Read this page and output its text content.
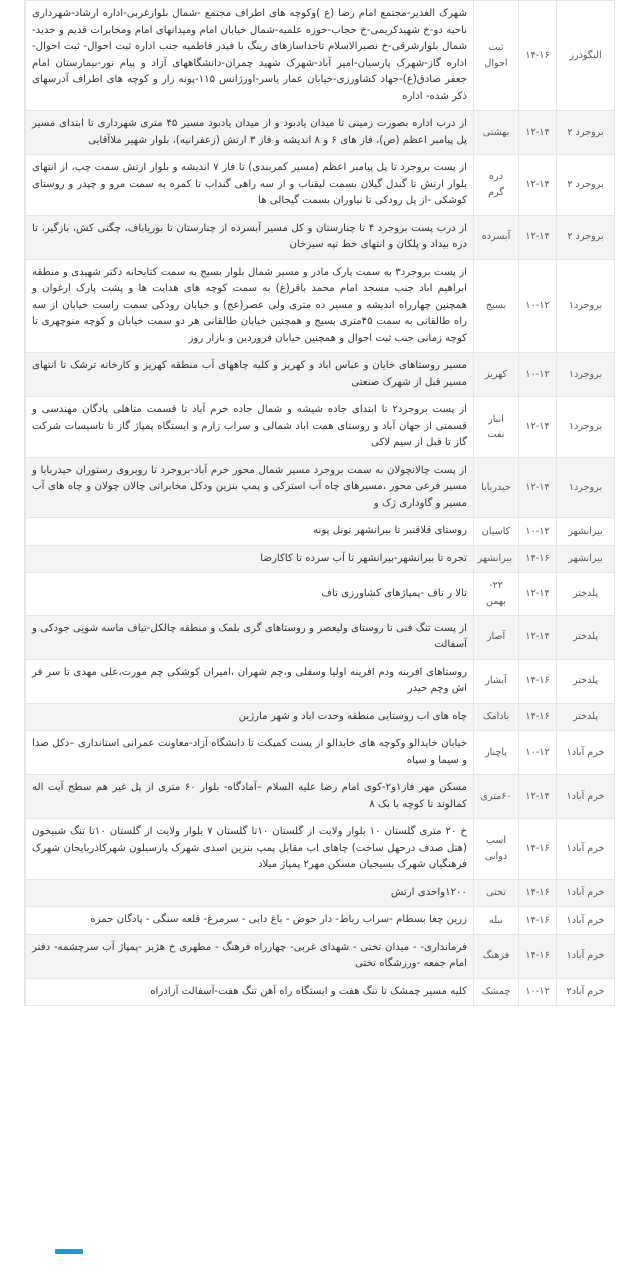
الیگودرز	۱۴-۱۶	ثبت احوال	شهرک الغدیر-مجتمع امام رضا (ع )وکوچه های اطراف مجتمع -شمال بلوارغربی-اداره ارشاد-شهرداری ناحیه دو-خ شهیدکریمی-خ حجاب-حوزه علمیه-شمال خیابان امام ومیدانهای امام ومخابرات قدیم و جدید-شمال بلوارشرقی-خ نصیرالاسلام تاجداسازهای رینگ با فیدر فاطمیه جنب اداره ثبت احوال- ثبت احوال-اداره گاز-شهرک پارسیان-امیر آباد-شهرک شهید چمران-دانشگاههای آزاد و پیام نور-بیمارستان امام جعفر صادق(ع)-جهاد کشاورزی-خیابان عمار یاسر-اورژانس ۱۱۵-پونه زار و کوچه های اطراف آدرسهای ذکر شده- اداره
بروجرد ۲	۱۲-۱۴	بهشتی	از درب اداره بصورت زمینی تا میدان یادبود و از میدان یادبود مسیر ۴۵ متری شهرداری تا ابتدای مسیر پل پیامبر اعظم (ص)، فاز های ۶ و ۸ اندیشه و فاز ۳ ارتش (زعفرانیه)، بلوار شهیر ملاآقایی
بروجرد ۲	۱۲-۱۴	دره گرم	از پست بروجرد تا پل پیامبر اعظم (مسیر کمربندی) تا فاز ۷ اندیشه و بلوار ارتش سمت چپ، از انتهای بلوار ارتش تا گندل گیلان بسمت لیقناب و از سه راهی گنداب تا کمره به سمت مرو و چپدر و روستای کوشکی -از پل رودکی تا نیاوران بسمت گیجالی ها
بروجرد ۲	۱۲-۱۴	آبسرده	از درب پست بروجرد ۴ تا چنارستان و کل مسیر آبسرده از چنارستان تا بوریاباف، چگنی کش، بازگیر، تا دره بیداد و پلکان و انتهای خط تپه سیرخان
بروجرد۱	۱۰-۱۲	بسیج	از پست بروجرد۳ به سمت پارک مادر و مسیر شمال بلوار بسیج به سمت کتابخانه دکتر شهیدی و منطقه ابراهیم اباد جنب مسجد امام محمد باقر(ع) به سمت کوچه های هدایت ها و پشت پارک ارغوان و همچنین چهارراه اندیشه و مسیر ده متری ولی عصر(عج) و خیابان رودکی سمت راست خیابان از سه راه طالقانی به سمت ۴۵متری بسیج و همچنین خیابان طالقانی هر دو سمت خیابان و کوچه منوچهری تا کوچه زمانی جنب ثبت احوال و همچنین خیابان فروردین و بازار روز
بروجرد۱	۱۰-۱۲	کهریز	مسیر روستاهای خایان و عباس اباد و کهریز و کلیه چاههای آب منطقه کهریز و کارخانه ترشک تا انتهای مسیر قبل از شهرک صنعتی
بروجرد۱	۱۲-۱۴	انبار نفت	از پست بروجرد۲ تا ابتدای جاده شیشه و شمال جاده خرم آباد تا قسمت متاهلی پادگان مهندسی و قسمتی از جهان آباد و روستای همت اباد شمالی و سراب زارم و ایستگاه پمپاژ گاز تا تاسیسات شرکت گاز تا قبل از سیم لاکی
بروجرد۱	۱۲-۱۴	حیدربابا	از پست چالانچولان به سمت بروجرد مسیر شمال محور خرم آباد-بروجرد تا روبروی رستوران حیدربابا و مسیر فرعی محور ،مسیرهای چاه آب استرکی و پمپ بنزین ودکل مخابراتی چالان چولان و چاه های آب مسیر و گاوداری ژک و
بیرانشهر	۱۰-۱۲	کاسیان	روستای قلاقنبر تا بیرانشهر تونل پونه
بیرانشهر	۱۴-۱۶	بیرانشهر	تجره تا بیرانشهر-بیرانشهر تا آب سرده تا کاکارضا
پلدختر	۱۲-۱۴	۲۲-بهمن	تالا ر تاف -پمپاژهای کشاورزی تاف
پلدختر	۱۲-۱۴	آصار	از پست تنگ فنی تا روستای ولیعصر و روستاهای گری بلمک و منطقه چالکل-تیاف ماسه شویی جودکی و آسفالت
پلدختر	۱۴-۱۶	آبشار	روستاهای افرینه ودم افرینه اولیا وسفلی و،چم شهران ،امیران کوشکی چم مورت،علی مهدی تا سر فر اش وچم حیدر
پلدختر	۱۴-۱۶	بادامک	چاه های اب روستایی منطقه وحدت اباد و شهر مارژین
خرم آباد۱	۱۰-۱۲	پاچنار	خیابان خایدالو وکوچه های خایدالو از پست کمپکت تا دانشگاه آزاد-معاونت عمرانی استانداری –دکل صدا و سیما و سپاه
خرم آباد۱	۱۲-۱۴	۶۰متری	مسکن مهر فاز۱و۲-کوی امام رضا علیه السلام –آمادگاه- بلوار ۶۰ متری از پل غیر هم سطح آیت اله کمالوند تا کوچه با بک ۸
خرم آباد۱	۱۴-۱۶	اسب دوانی	خ ۲۰ متری گلستان ۱۰ بلوار ولایت از گلستان ۱۰تا گلستان ۷ بلوار ولایت از گلستان ۱۰تا تنگ شبیخون (هتل صدف درحهل ساخت) چاهای اب مقابل پمپ بنزین اسدی شهرک پارسیلون شهرکاذربایجان شهرک فرهنگیان شهرک بسیجیان مسکن مهر۲ پمپاژ میلاد
خرم آباد۱	۱۴-۱۶	تختی	۱۲۰۰واحدی ارتش
خرم آباد۱	۱۴-۱۶	نبله	زرین چغا بسطام -سراب رباط- دار حوض - باغ دایی - سرمرغ- قلعه سنگی - پادگان حمزه
خرم آباد۱	۱۴-۱۶	فرهنگ	فرماندارى- - میدان تختی - شهدای غربی- چهارراه فرهنگ - مطهری خ هژبر -پمپاژ آب سرچشمه- دفتر امام جمعه -ورزشگاه تختی
خرم آباد۲	۱۰-۱۲	چمشک	کلیه مسیر چمشک تا تنگ هفت و ایستگاه راه آهن تنگ هفت-آسفالت آزادراه
